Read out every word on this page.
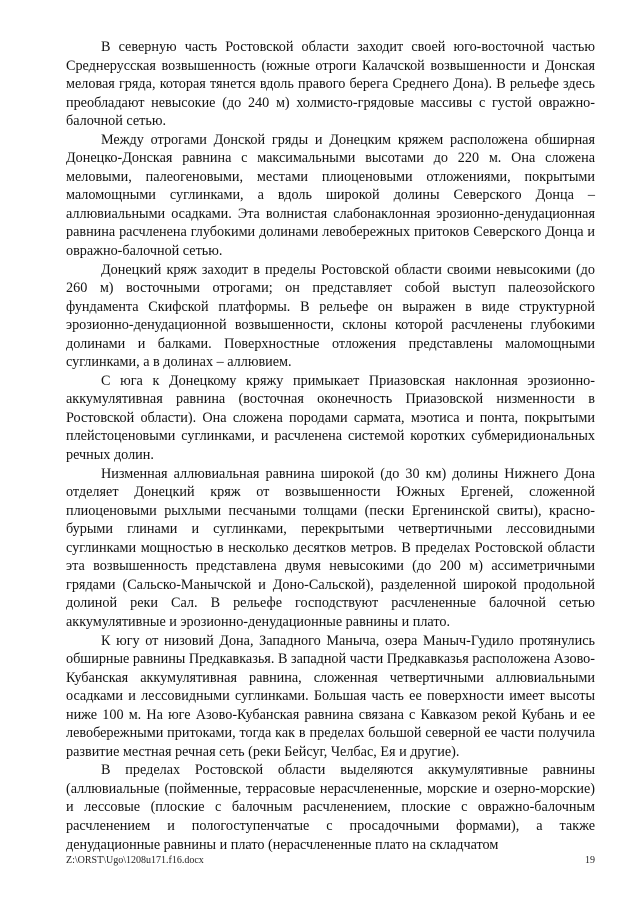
В северную часть Ростовской области заходит своей юго-восточной частью Среднерусская возвышенность (южные отроги Калачской возвышенности и Донская меловая гряда, которая тянется вдоль правого берега Среднего Дона). В рельефе здесь преобладают невысокие (до 240 м) холмисто-грядовые массивы с густой овражно-балочной сетью.

Между отрогами Донской гряды и Донецким кряжем расположена обширная Донецко-Донская равнина с максимальными высотами до 220 м. Она сложена меловыми, палеогеновыми, местами плиоценовыми отложениями, покрытыми маломощными суглинками, а вдоль широкой долины Северского Донца – аллювиальными осадками. Эта волнистая слабонаклонная эрозионно-денудационная равнина расчленена глубокими долинами левобережных притоков Северского Донца и овражно-балочной сетью.

Донецкий кряж заходит в пределы Ростовской области своими невысокими (до 260 м) восточными отрогами; он представляет собой выступ палеозойского фундамента Скифской платформы. В рельефе он выражен в виде структурной эрозионно-денудационной возвышенности, склоны которой расчленены глубокими долинами и балками. Поверхностные отложения представлены маломощными суглинками, а в долинах – аллювием.

С юга к Донецкому кряжу примыкает Приазовская наклонная эрозионно-аккумулятивная равнина (восточная оконечность Приазовской низменности в Ростовской области). Она сложена породами сармата, мэотиса и понта, покрытыми плейстоценовыми суглинками, и расчленена системой коротких субмеридиональных речных долин.

Низменная аллювиальная равнина широкой (до 30 км) долины Нижнего Дона отделяет Донецкий кряж от возвышенности Южных Ергеней, сложенной плиоценовыми рыхлыми песчаными толщами (пески Ергенинской свиты), красно-бурыми глинами и суглинками, перекрытыми четвертичными лессовидными суглинками мощностью в несколько десятков метров. В пределах Ростовской области эта возвышенность представлена двумя невысокими (до 200 м) ассиметричными грядами (Сальско-Манычской и Доно-Сальской), разделенной широкой продольной долиной реки Сал. В рельефе господствуют расчлененные балочной сетью аккумулятивные и эрозионно-денудационные равнины и плато.

К югу от низовий Дона, Западного Маныча, озера Маныч-Гудило протянулись обширные равнины Предкавказья. В западной части Предкавказья расположена Азово-Кубанская аккумулятивная равнина, сложенная четвертичными аллювиальными осадками и лессовидными суглинками. Большая часть ее поверхности имеет высоты ниже 100 м. На юге Азово-Кубанская равнина связана с Кавказом рекой Кубань и ее левобережными притоками, тогда как в пределах большой северной ее части получила развитие местная речная сеть (реки Бейсуг, Челбас, Ея и другие).

В пределах Ростовской области выделяются аккумулятивные равнины (аллювиальные (пойменные, террасовые нерасчлененные, морские и озерно-морские) и лессовые (плоские с балочным расчленением, плоские с овражно-балочным расчленением и пологоступенчатые с просадочными формами), а также денудационные равнины и плато (нерасчлененные плато на складчатом

Z:\ORST\Ugo\1208u171.f16.docx	19
